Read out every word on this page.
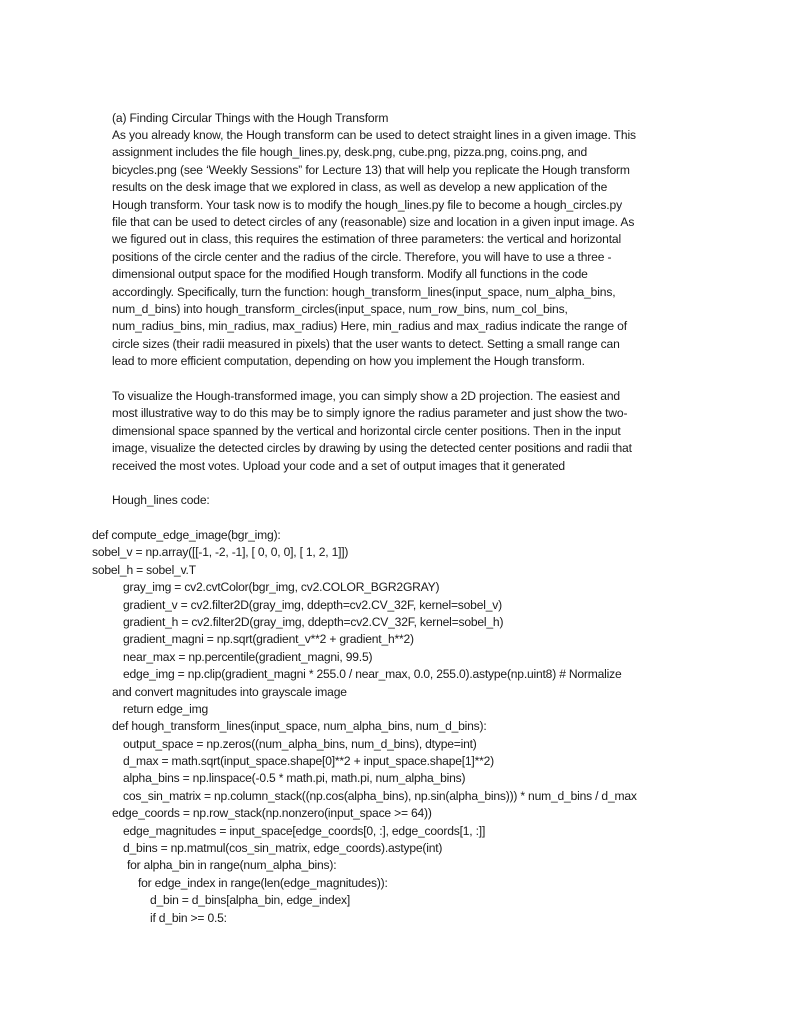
(a) Finding Circular Things with the Hough Transform
As you already know, the Hough transform can be used to detect straight lines in a given image. This
assignment includes the file hough_lines.py, desk.png, cube.png, pizza.png, coins.png, and
bicycles.png (see ‘Weekly Sessions” for Lecture 13) that will help you replicate the Hough transform
results on the desk image that we explored in class, as well as develop a new application of the
Hough transform. Your task now is to modify the hough_lines.py file to become a hough_circles.py
file that can be used to detect circles of any (reasonable) size and location in a given input image. As
we figured out in class, this requires the estimation of three parameters: the vertical and horizontal
positions of the circle center and the radius of the circle. Therefore, you will have to use a three -
dimensional output space for the modified Hough transform. Modify all functions in the code
accordingly. Specifically, turn the function: hough_transform_lines(input_space, num_alpha_bins,
num_d_bins) into hough_transform_circles(input_space, num_row_bins, num_col_bins,
num_radius_bins, min_radius, max_radius) Here, min_radius and max_radius indicate the range of
circle sizes (their radii measured in pixels) that the user wants to detect. Setting a small range can
lead to more efficient computation, depending on how you implement the Hough transform.
To visualize the Hough-transformed image, you can simply show a 2D projection. The easiest and
most illustrative way to do this may be to simply ignore the radius parameter and just show the two-
dimensional space spanned by the vertical and horizontal circle center positions. Then in the input
image, visualize the detected circles by drawing by using the detected center positions and radii that
received the most votes. Upload your code and a set of output images that it generated
Hough_lines code:
def compute_edge_image(bgr_img):
sobel_v = np.array([[-1, -2, -1], [ 0, 0, 0], [ 1, 2, 1]])
sobel_h = sobel_v.T
gray_img = cv2.cvtColor(bgr_img, cv2.COLOR_BGR2GRAY)
gradient_v = cv2.filter2D(gray_img, ddepth=cv2.CV_32F, kernel=sobel_v)
gradient_h = cv2.filter2D(gray_img, ddepth=cv2.CV_32F, kernel=sobel_h)
gradient_magni = np.sqrt(gradient_v**2 + gradient_h**2)
near_max = np.percentile(gradient_magni, 99.5)
edge_img = np.clip(gradient_magni * 255.0 / near_max, 0.0, 255.0).astype(np.uint8) # Normalize
and convert magnitudes into grayscale image
return edge_img
def hough_transform_lines(input_space, num_alpha_bins, num_d_bins):
output_space = np.zeros((num_alpha_bins, num_d_bins), dtype=int)
d_max = math.sqrt(input_space.shape[0]**2 + input_space.shape[1]**2)
alpha_bins = np.linspace(-0.5 * math.pi, math.pi, num_alpha_bins)
cos_sin_matrix = np.column_stack((np.cos(alpha_bins), np.sin(alpha_bins))) * num_d_bins / d_max
edge_coords = np.row_stack(np.nonzero(input_space >= 64))
edge_magnitudes = input_space[edge_coords[0, :], edge_coords[1, :]]
d_bins = np.matmul(cos_sin_matrix, edge_coords).astype(int)
for alpha_bin in range(num_alpha_bins):
for edge_index in range(len(edge_magnitudes)):
d_bin = d_bins[alpha_bin, edge_index]
if d_bin >= 0.5:
